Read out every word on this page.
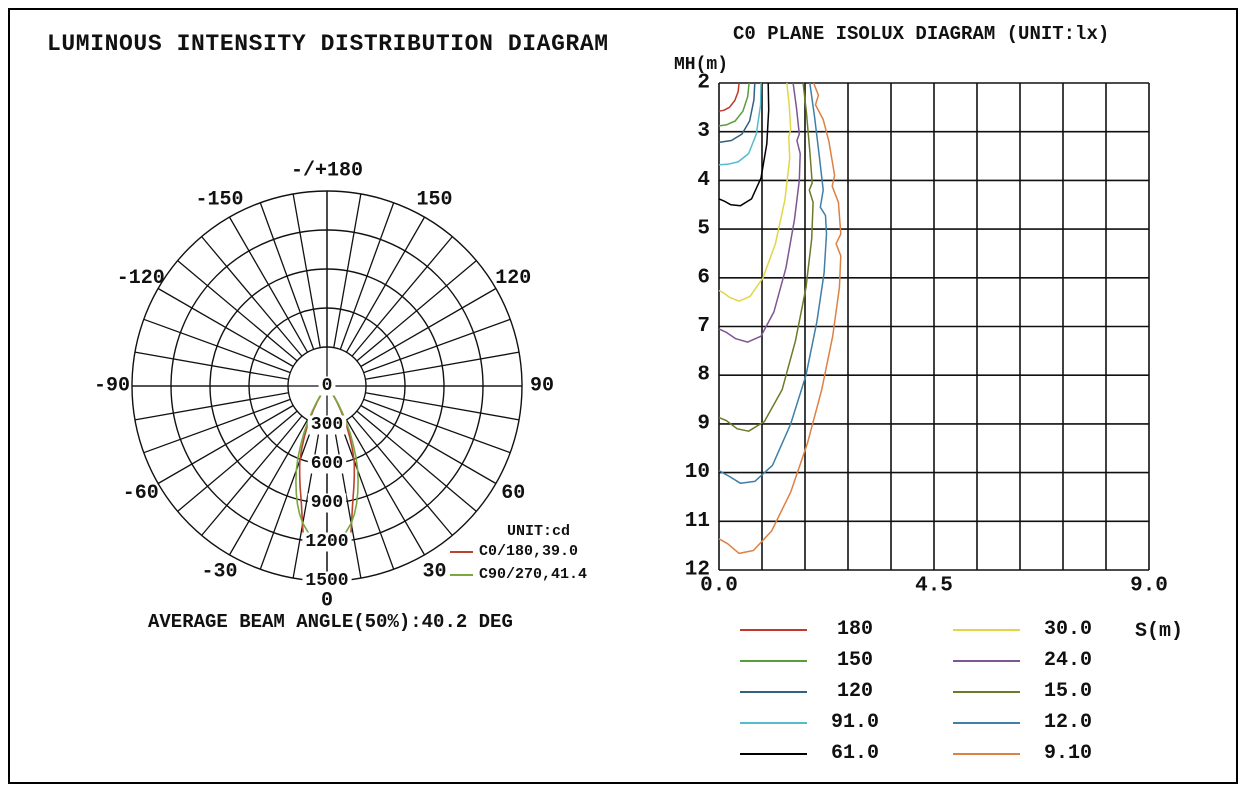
0
300
600
900
1200
1500
0
30
60
90
120
150
-/+180
-150
-120
-90
-60
-30
2
3
4
5
6
7
8
9
10
11
12
0.0	4.5	9.0
LUMINOUS INTENSITY DISTRIBUTION DIAGRAM	C0 PLANE ISOLUX DIAGRAM (UNIT:lx)
MH(m)
S(m)
UNIT:cd
C0/180,39.0
C90/270,41.4
AVERAGE BEAM ANGLE(50%):40.2 DEG	180
150
120
91.0
61.0
30.0
24.0
15.0
12.0
9.10
